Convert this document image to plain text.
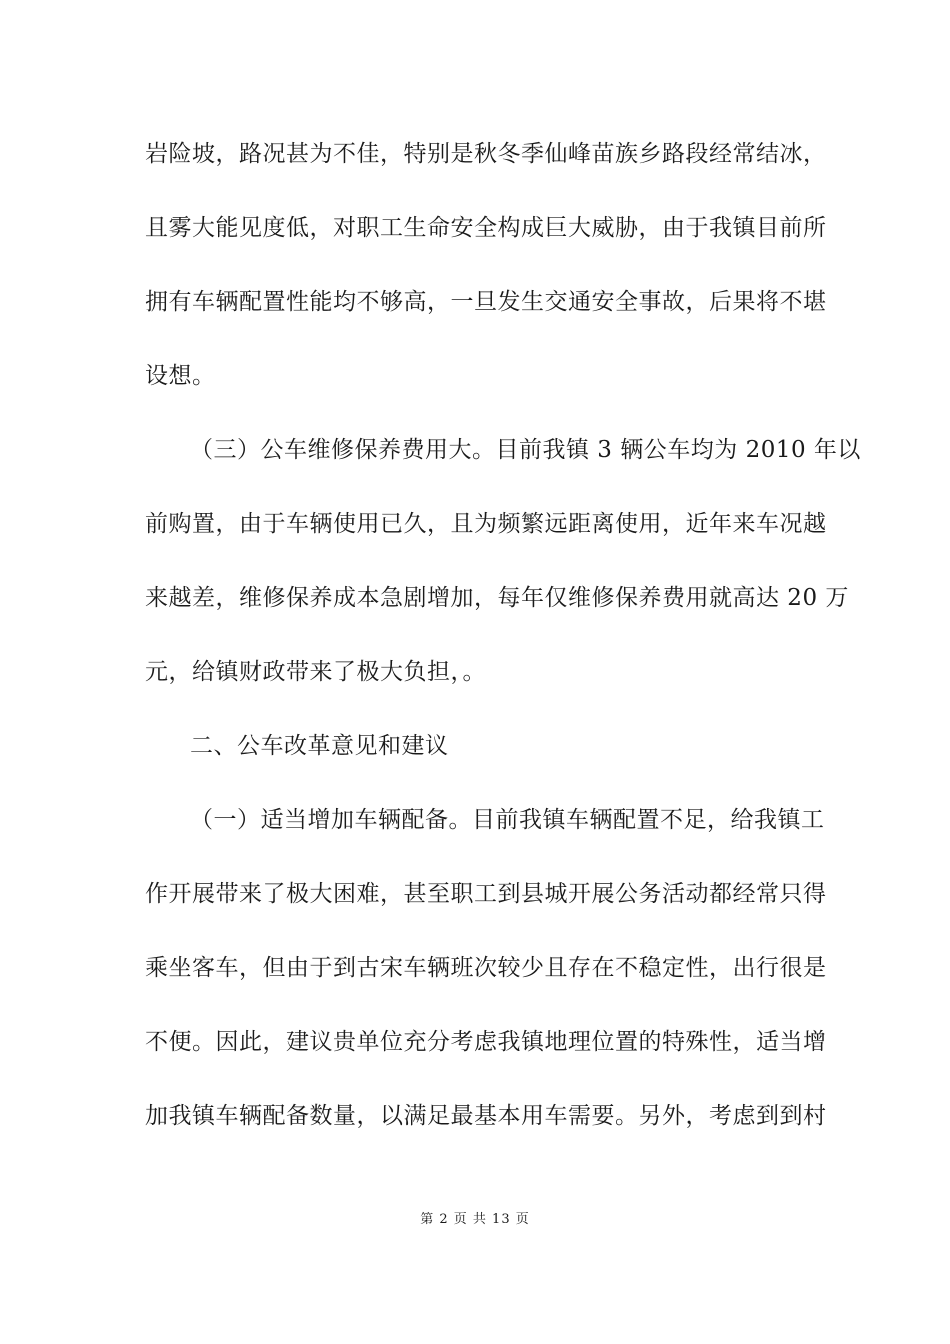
岩险坡，路况甚为不佳，特别是秋冬季仙峰苗族乡路段经常结冰，
且雾大能见度低，对职工生命安全构成巨大威胁，由于我镇目前所
拥有车辆配置性能均不够高，一旦发生交通安全事故，后果将不堪
设想。
（三）公车维修保养费用大。目前我镇 3 辆公车均为 2010 年以
前购置，由于车辆使用已久，且为频繁远距离使用，近年来车况越
来越差，维修保养成本急剧增加，每年仅维修保养费用就高达 20 万
元，给镇财政带来了极大负担，。
二、公车改革意见和建议
（一）适当增加车辆配备。目前我镇车辆配置不足，给我镇工
作开展带来了极大困难，甚至职工到县城开展公务活动都经常只得
乘坐客车，但由于到古宋车辆班次较少且存在不稳定性，出行很是
不便。因此，建议贵单位充分考虑我镇地理位置的特殊性，适当增
加我镇车辆配备数量，以满足最基本用车需要。另外，考虑到到村
第 2 页 共 13 页
